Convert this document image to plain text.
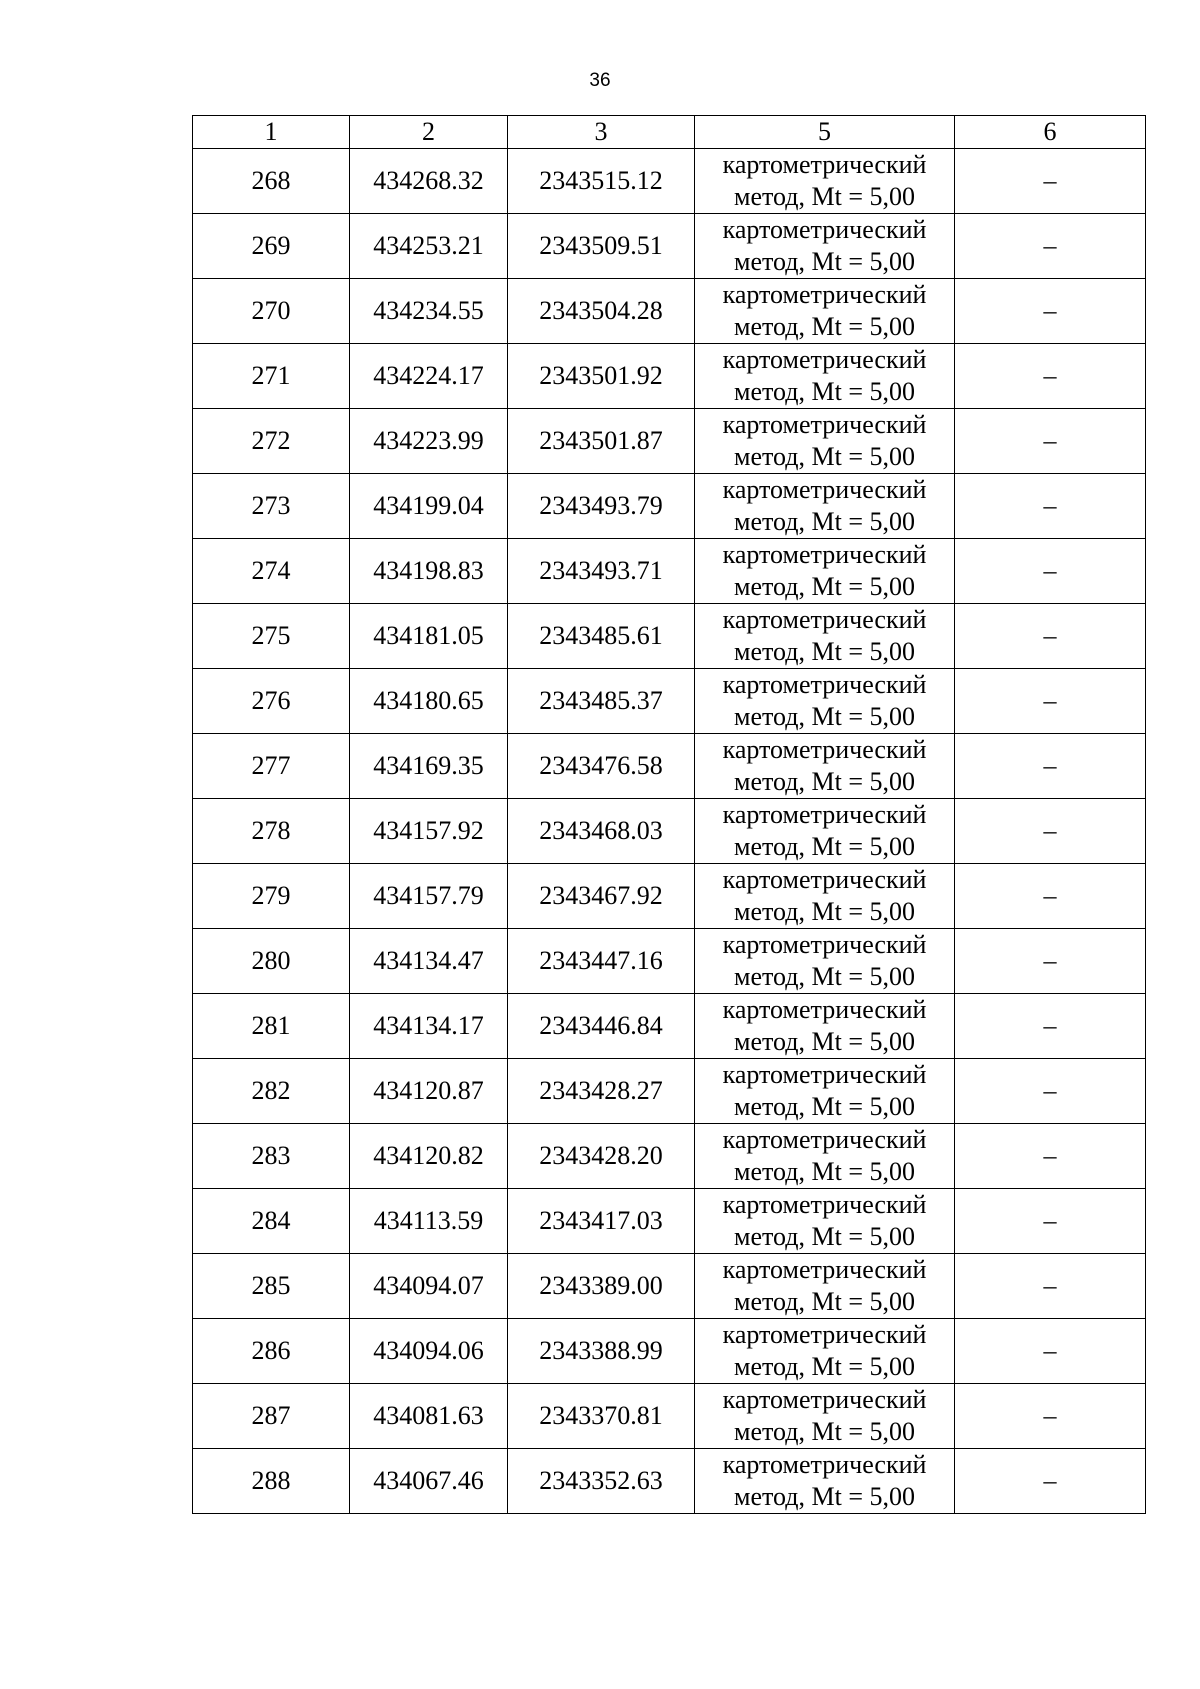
36
1	2	3	5	6
268	434268.32	2343515.12	картометрический
метод, Mt = 5,00	–
269	434253.21	2343509.51	картометрический
метод, Mt = 5,00	–
270	434234.55	2343504.28	картометрический
метод, Mt = 5,00	–
271	434224.17	2343501.92	картометрический
метод, Mt = 5,00	–
272	434223.99	2343501.87	картометрический
метод, Mt = 5,00	–
273	434199.04	2343493.79	картометрический
метод, Mt = 5,00	–
274	434198.83	2343493.71	картометрический
метод, Mt = 5,00	–
275	434181.05	2343485.61	картометрический
метод, Mt = 5,00	–
276	434180.65	2343485.37	картометрический
метод, Mt = 5,00	–
277	434169.35	2343476.58	картометрический
метод, Mt = 5,00	–
278	434157.92	2343468.03	картометрический
метод, Mt = 5,00	–
279	434157.79	2343467.92	картометрический
метод, Mt = 5,00	–
280	434134.47	2343447.16	картометрический
метод, Mt = 5,00	–
281	434134.17	2343446.84	картометрический
метод, Mt = 5,00	–
282	434120.87	2343428.27	картометрический
метод, Mt = 5,00	–
283	434120.82	2343428.20	картометрический
метод, Mt = 5,00	–
284	434113.59	2343417.03	картометрический
метод, Mt = 5,00	–
285	434094.07	2343389.00	картометрический
метод, Mt = 5,00	–
286	434094.06	2343388.99	картометрический
метод, Mt = 5,00	–
287	434081.63	2343370.81	картометрический
метод, Mt = 5,00	–
288	434067.46	2343352.63	картометрический
метод, Mt = 5,00	–
